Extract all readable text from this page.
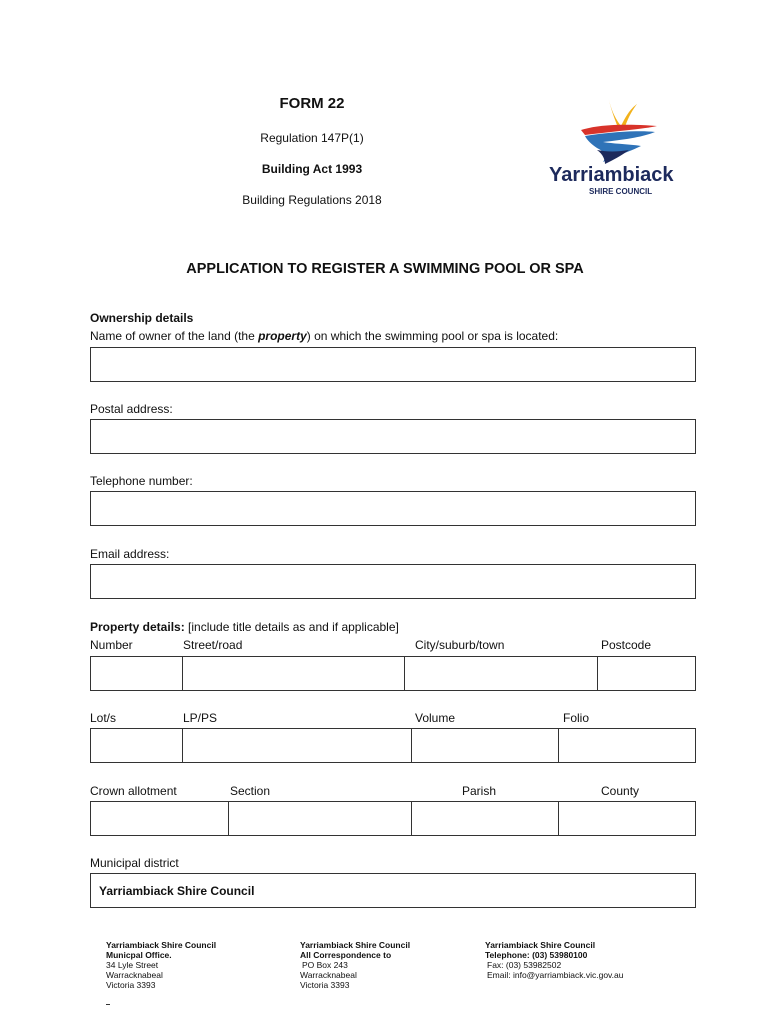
FORM 22
Regulation 147P(1)
Building Act 1993
Building Regulations 2018
Yarriambiack
SHIRE COUNCIL
APPLICATION TO REGISTER A SWIMMING POOL OR SPA
Ownership details
Name of owner of the land (the property) on which the swimming pool or spa is located:
Postal address:
Telephone number:
Email address:
Property details: [include title details as and if applicable]
Number	Street/road	City/suburb/town	Postcode
Lot/s	LP/PS	Volume	Folio
Crown allotment	Section	Parish	County
Municipal district
Yarriambiack Shire Council
Yarriambiack Shire Council
Municpal Office.
34 Lyle Street
Warracknabeal
Victoria 3393
Yarriambiack Shire Council
All Correspondence to
PO Box 243
Warracknabeal
Victoria 3393
Yarriambiack Shire Council
Telephone: (03) 53980100
Fax: (03) 53982502
Email: info@yarriambiack.vic.gov.au
